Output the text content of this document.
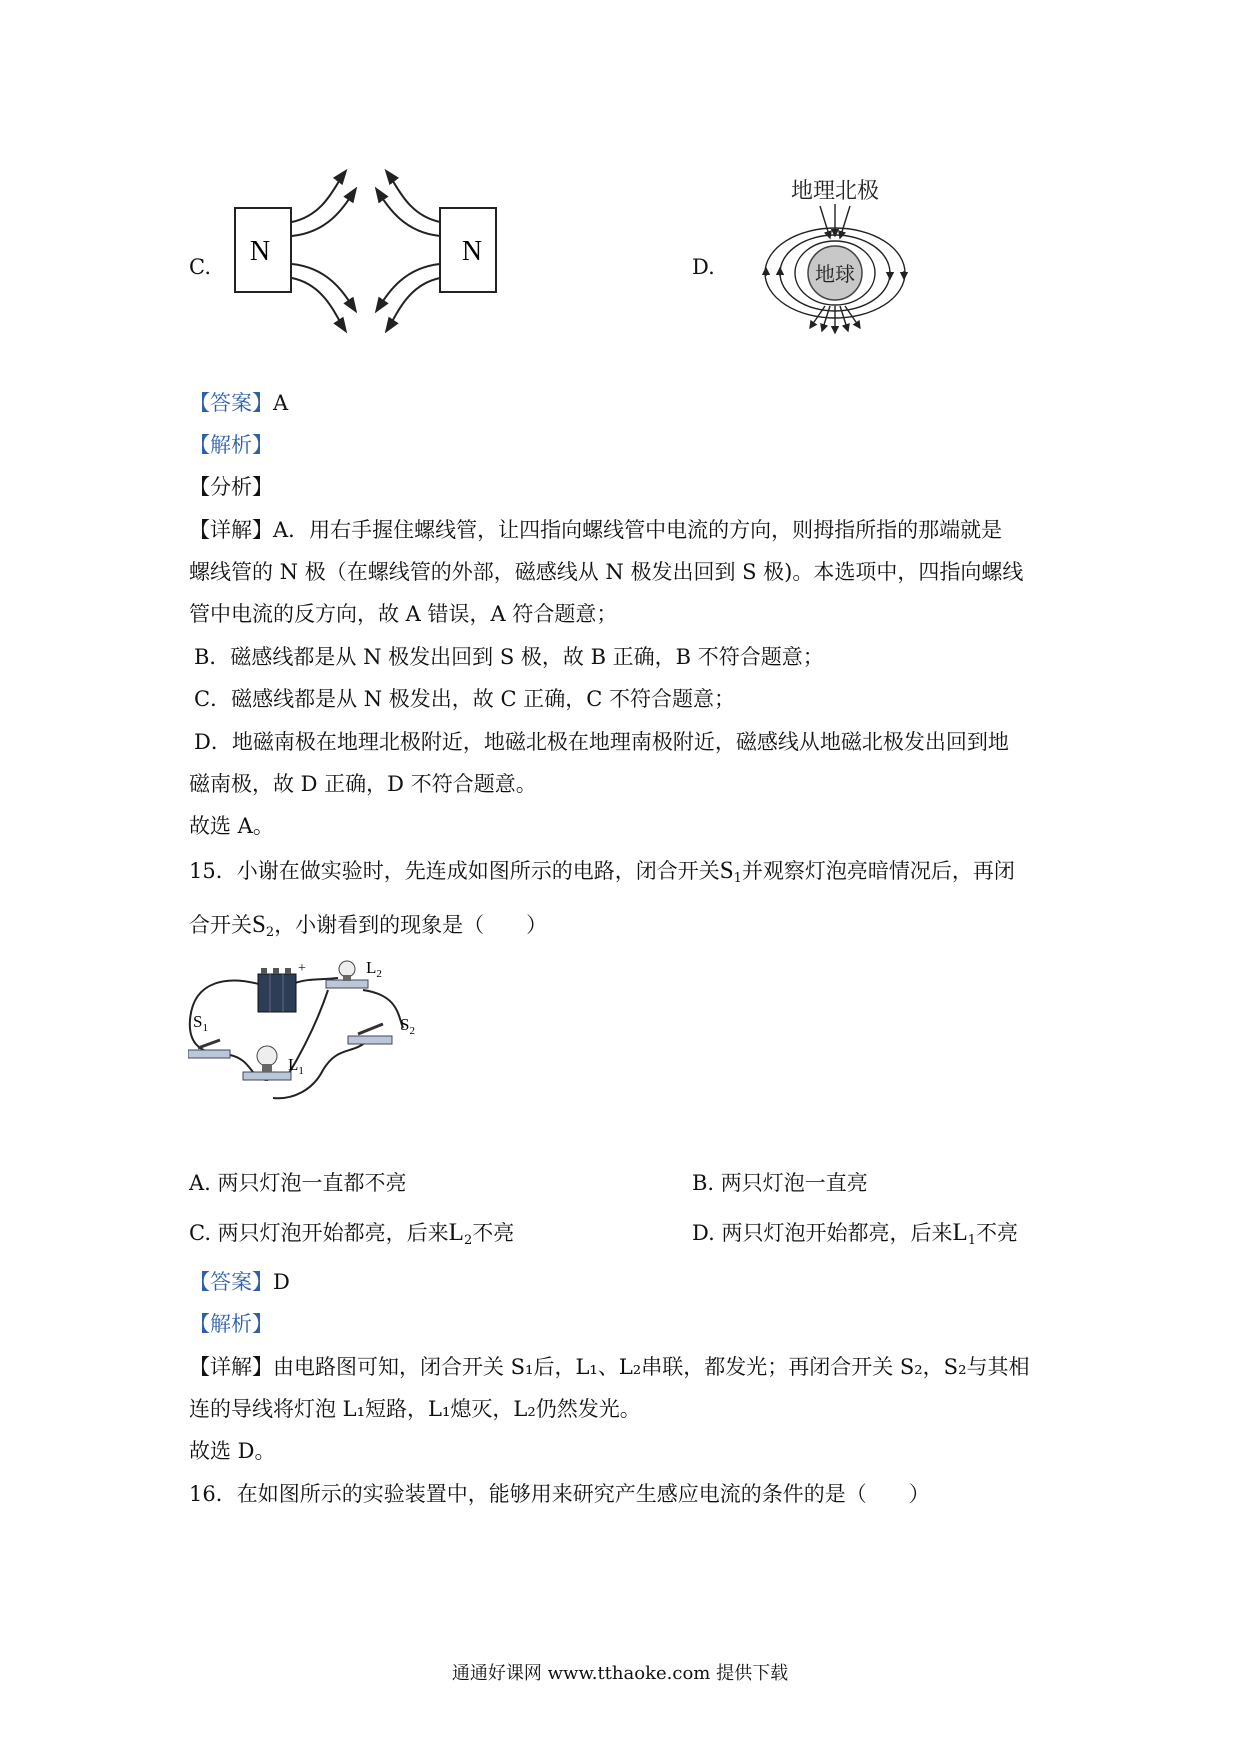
C. N	N	D.
地理北极
地球
【答案】A
【解析】
【分析】
【详解】A．用右手握住螺线管，让四指向螺线管中电流的方向，则拇指所指的那端就是
螺线管的 N 极（在螺线管的外部，磁感线从 N 极发出回到 S 极)。本选项中，四指向螺线
管中电流的反方向，故 A 错误，A 符合题意；
B．磁感线都是从 N 极发出回到 S 极，故 B 正确，B 不符合题意；
C．磁感线都是从 N 极发出，故 C 正确，C 不符合题意；
D．地磁南极在地理北极附近，地磁北极在地理南极附近，磁感线从地磁北极发出回到地
磁南极，故 D 正确，D 不符合题意。
故选 A。
15．小谢在做实验时，先连成如图所示的电路，闭合开关$S_1$并观察灯泡亮暗情况后，再闭
合开关$S_2$，小谢看到的现象是（　　）
+	$L_2$
$S_1$	$S_2$
$L_1$
A. 两只灯泡一直都不亮	B. 两只灯泡一直亮
C. 两只灯泡开始都亮，后来$L_2$不亮	D. 两只灯泡开始都亮，后来$L_1$不亮
【答案】D
【解析】
【详解】由电路图可知，闭合开关 S₁后，L₁、L₂串联，都发光；再闭合开关 S₂，S₂与其相
连的导线将灯泡 L₁短路，L₁熄灭，L₂仍然发光。
故选 D。
16．在如图所示的实验装置中，能够用来研究产生感应电流的条件的是（　　）
通通好课网 www.tthaoke.com 提供下载
